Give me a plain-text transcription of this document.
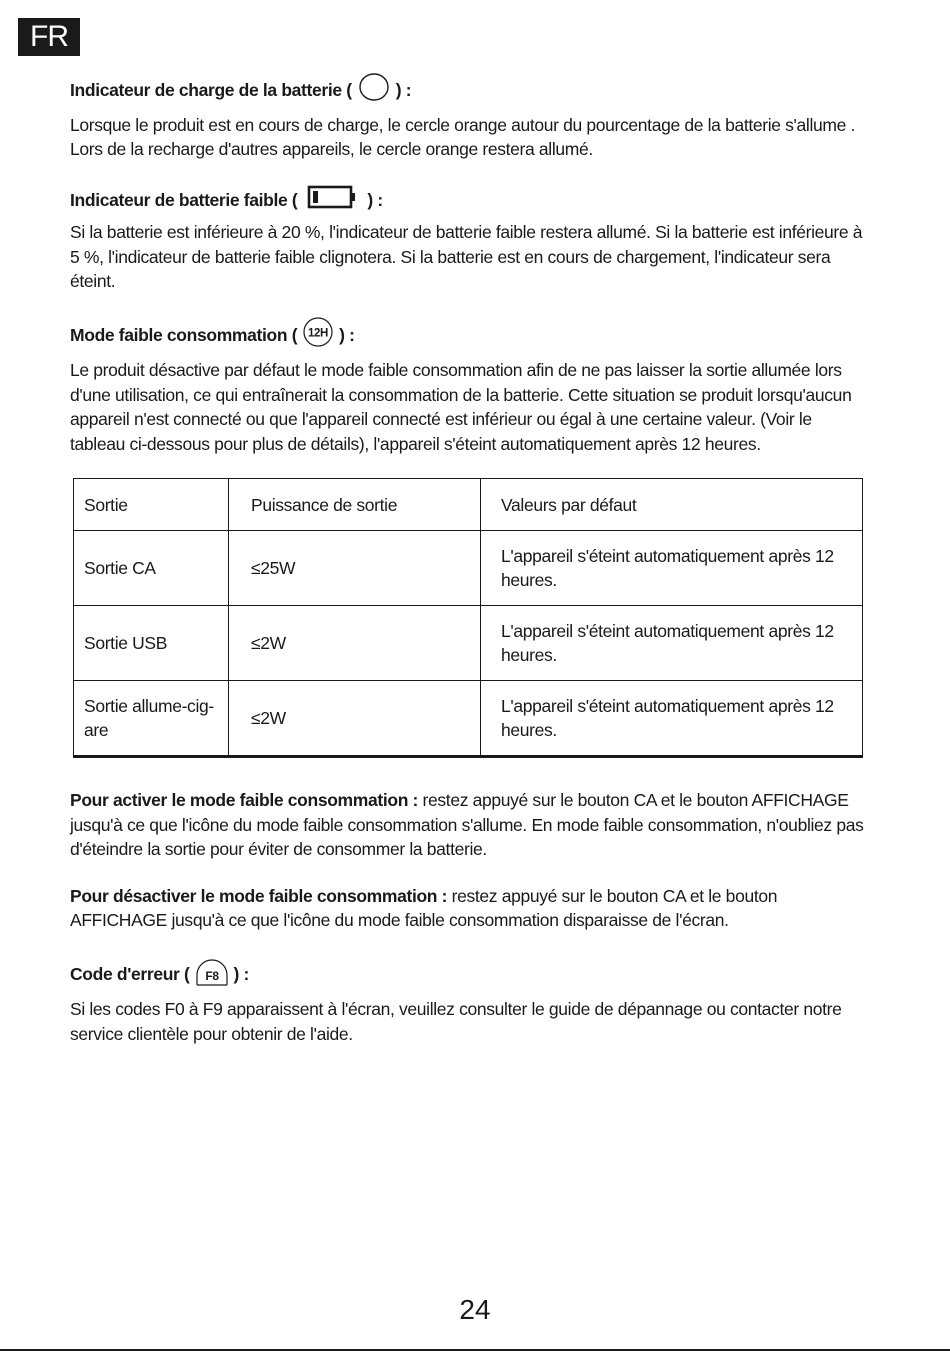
FR
Indicateur de charge de la batterie (	) :

Lorsque le produit est en cours de charge, le cercle orange autour du pourcentage de la batterie s'allume . Lors de la recharge d'autres appareils, le cercle orange restera allumé.

Indicateur de batterie faible (	) :

Si la batterie est inférieure à 20 %, l'indicateur de batterie faible restera allumé. Si la batterie est inférieure à 5 %, l'indicateur de batterie faible clignotera. Si la batterie est en cours de chargement, l'indicateur sera éteint.

Mode faible consommation ( 12H ) :

Le produit désactive par défaut le mode faible consommation afin de ne pas laisser la sortie allumée lors d'une utilisation, ce qui entraînerait la consommation de la batterie. Cette situation se produit lorsqu'aucun appareil n'est connecté ou que l'appareil connecté est inférieur ou égal à une certaine valeur. (Voir le tableau ci-dessous pour plus de détails), l'appareil s'éteint automatiquement après 12 heures.

Sortie	Puissance de sortie	Valeurs par défaut
Sortie CA	≤25W	L'appareil s'éteint automatiquement après 12 heures.
Sortie USB	≤2W	L'appareil s'éteint automatiquement après 12 heures.
Sortie allume-cig-are	≤2W	L'appareil s'éteint automatiquement après 12 heures.

Pour activer le mode faible consommation : restez appuyé sur le bouton CA et le bouton AFFICHAGE jusqu'à ce que l'icône du mode faible consommation s'allume. En mode faible consommation, n'oubliez pas d'éteindre la sortie pour éviter de consommer la batterie.

Pour désactiver le mode faible consommation : restez appuyé sur le bouton CA et le bouton AFFICHAGE jusqu'à ce que l'icône du mode faible consommation disparaisse de l'écran.

Code d'erreur ( F8 ) :

Si les codes F0 à F9 apparaissent à l'écran, veuillez consulter le guide de dépannage ou contacter notre service clientèle pour obtenir de l'aide.

24
